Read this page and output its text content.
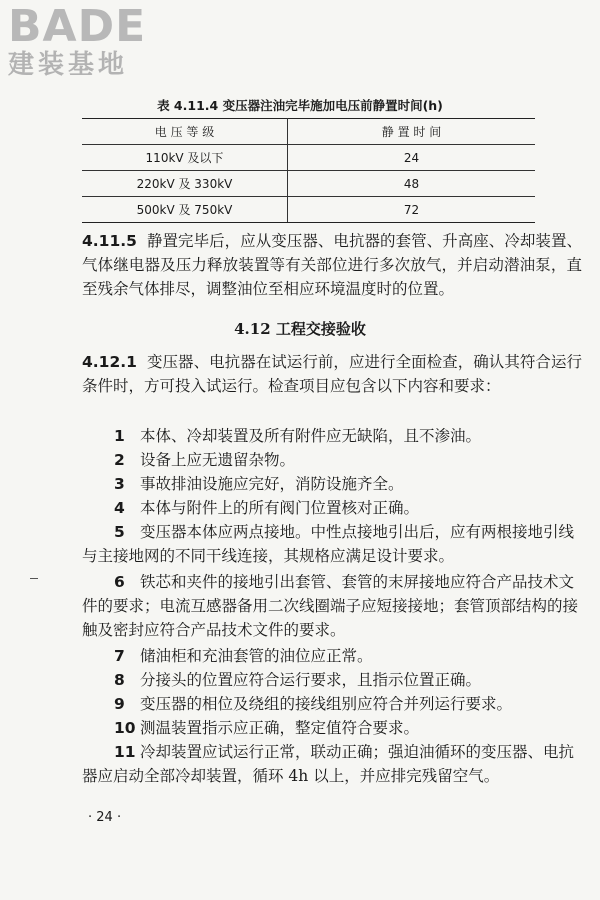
BADE
建装基地
表 4.11.4 变压器注油完毕施加电压前静置时间(h)
电 压 等 级	静 置 时 间
110kV 及以下	24
220kV 及 330kV	48
500kV 及 750kV	72
4.11.5 静置完毕后，应从变压器、电抗器的套管、升高座、冷却装置、气体继电器及压力释放装置等有关部位进行多次放气，并启动潜油泵，直至残余气体排尽，调整油位至相应环境温度时的位置。
4.12 工程交接验收
4.12.1 变压器、电抗器在试运行前，应进行全面检查，确认其符合运行条件时，方可投入试运行。检查项目应包含以下内容和要求：
1 本体、冷却装置及所有附件应无缺陷，且不渗油。
2 设备上应无遗留杂物。
3 事故排油设施应完好，消防设施齐全。
4 本体与附件上的所有阀门位置核对正确。
5 变压器本体应两点接地。中性点接地引出后，应有两根接地引线与主接地网的不同干线连接，其规格应满足设计要求。
6 铁芯和夹件的接地引出套管、套管的末屏接地应符合产品技术文件的要求；电流互感器备用二次线圈端子应短接接地；套管顶部结构的接触及密封应符合产品技术文件的要求。
7 储油柜和充油套管的油位应正常。
8 分接头的位置应符合运行要求，且指示位置正确。
9 变压器的相位及绕组的接线组别应符合并列运行要求。
10 测温装置指示应正确，整定值符合要求。
11 冷却装置应试运行正常，联动正确；强迫油循环的变压器、电抗器应启动全部冷却装置，循环 4h 以上，并应排完残留空气。
· 24 ·
